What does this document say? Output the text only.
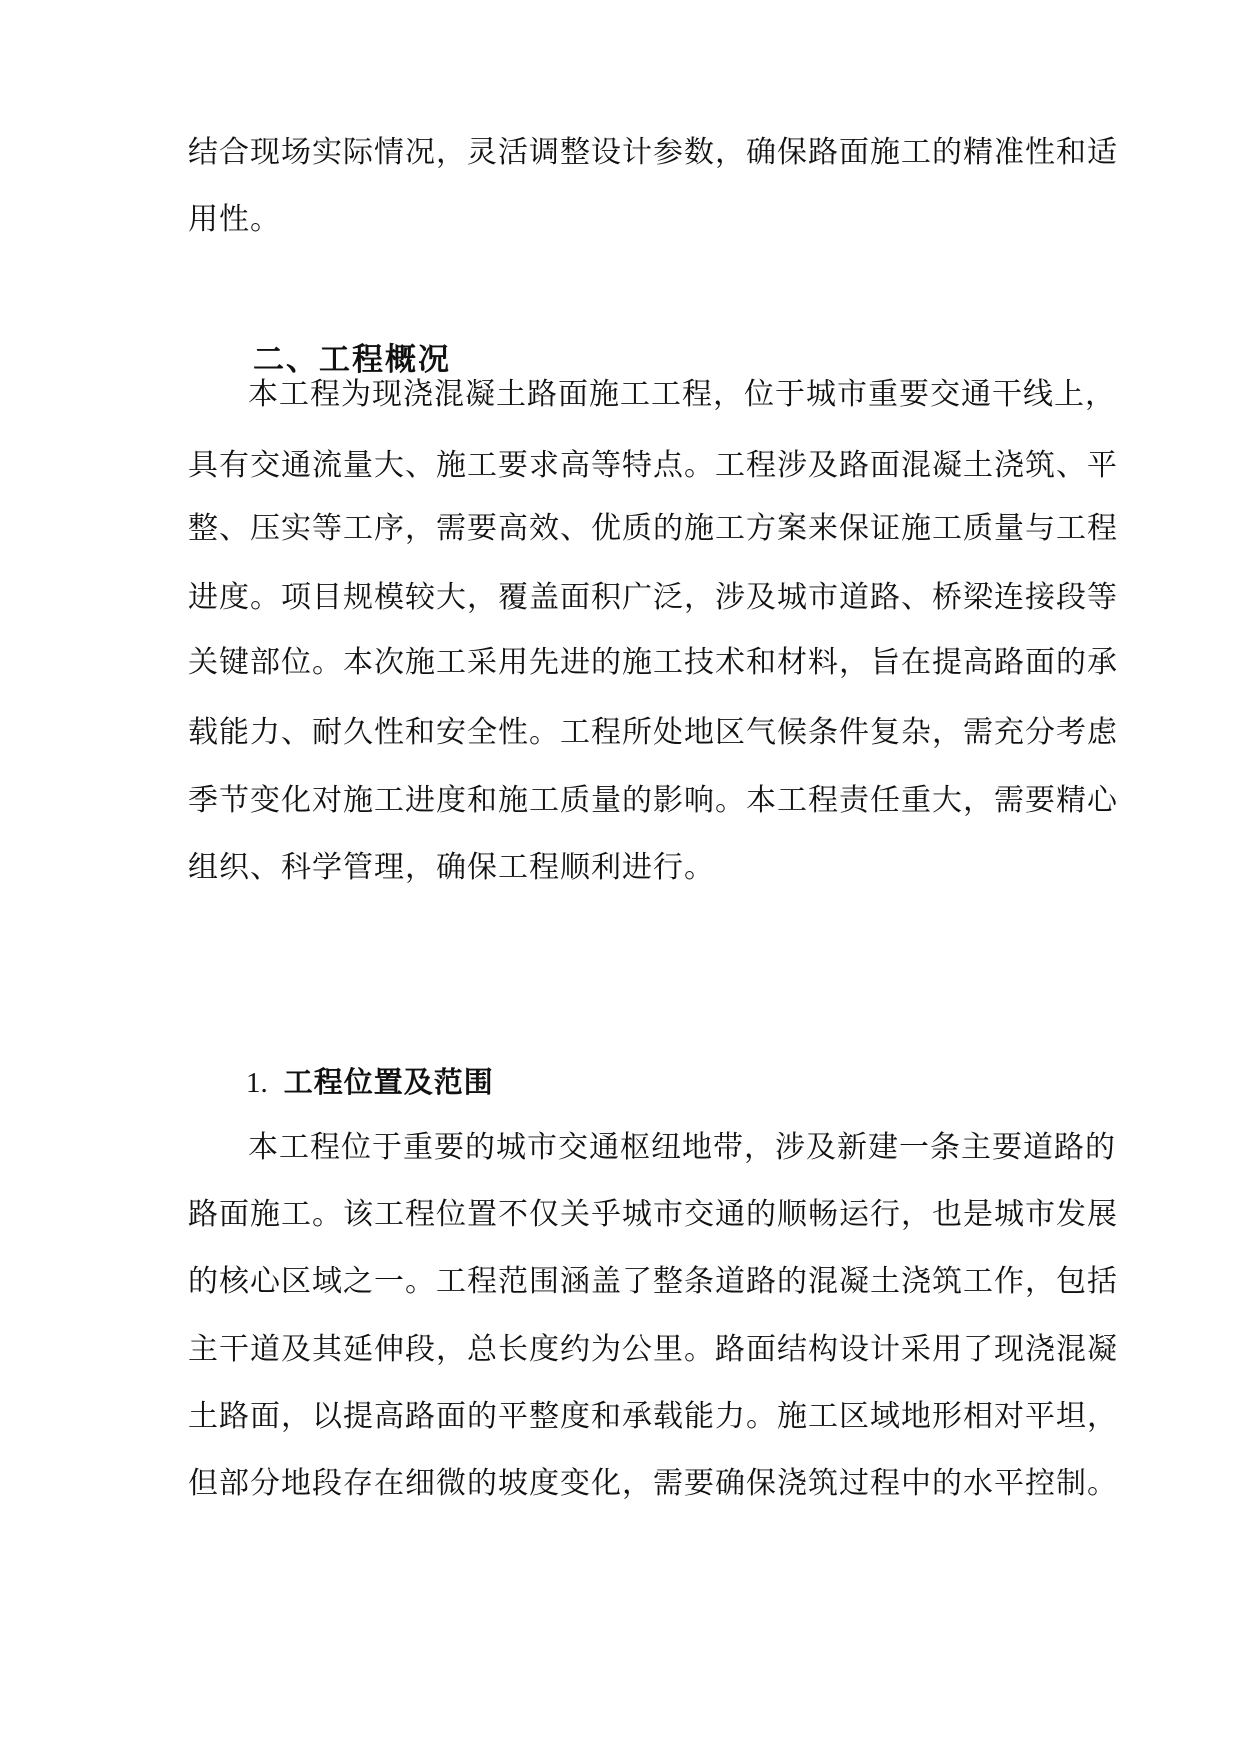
结合现场实际情况，灵活调整设计参数，确保路面施工的精准性和适
用性。
二、工程概况
本工程为现浇混凝土路面施工工程，位于城市重要交通干线上，
具有交通流量大、施工要求高等特点。工程涉及路面混凝土浇筑、平
整、压实等工序，需要高效、优质的施工方案来保证施工质量与工程
进度。项目规模较大，覆盖面积广泛，涉及城市道路、桥梁连接段等
关键部位。本次施工采用先进的施工技术和材料，旨在提高路面的承
载能力、耐久性和安全性。工程所处地区气候条件复杂，需充分考虑
季节变化对施工进度和施工质量的影响。本工程责任重大，需要精心
组织、科学管理，确保工程顺利进行。
1. 工程位置及范围
本工程位于重要的城市交通枢纽地带，涉及新建一条主要道路的
路面施工。该工程位置不仅关乎城市交通的顺畅运行，也是城市发展
的核心区域之一。工程范围涵盖了整条道路的混凝土浇筑工作，包括
主干道及其延伸段，总长度约为公里。路面结构设计采用了现浇混凝
土路面，以提高路面的平整度和承载能力。施工区域地形相对平坦，
但部分地段存在细微的坡度变化，需要确保浇筑过程中的水平控制。
